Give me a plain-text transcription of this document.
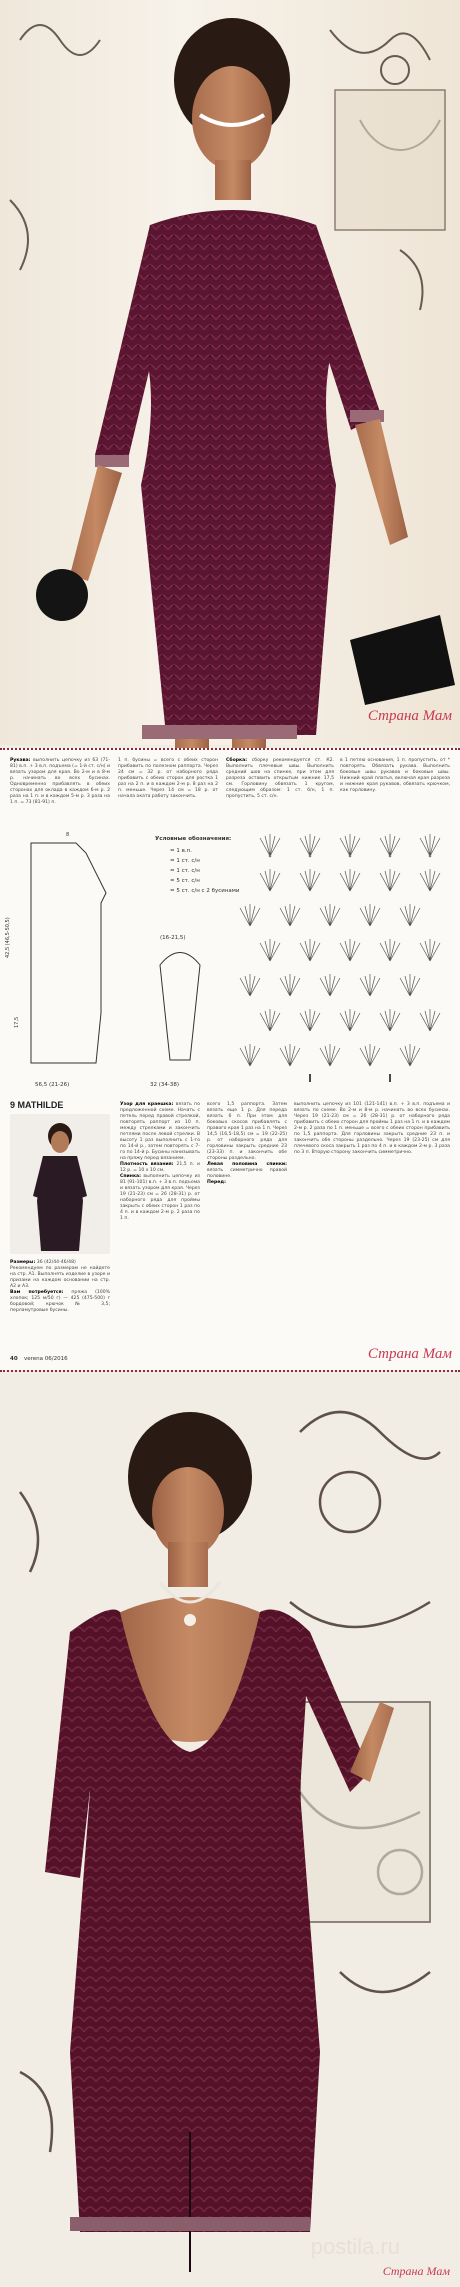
Страна Мам
Рукава: выполнить цепочку из 63 (71-81) в.п. + 3 в.п. подъема (= 1-й ст. с/н) и вязать узором для края. Во 2-м и в 8-м р. начинать во всех бусинах. Одновременно прибавлять в обеих сторонах для оклада в каждом 6-м р. 2 раза на 1 п. и в каждом 5-м р. 3 раза на 1 п. = 73 (81-91) п.
1 п. бусины = всего с обеих сторон прибавить по полезном раппорта. Через 24 см = 32 р. от наборного ряда прибавить с обеих сторон для ростка 1 раз на 2 п. и в каждом 2-м р. 8 раз на 2 п. меньше. Через 14 см = 18 р. от начала оката работу закончить.
Сборка: сборку рекомендуется ст. К2. Выполнить плечевые швы. Выполнить средний шов на спинке, при этом для разреза оставить открытым нижние 17,5 см. Горловину обвязать 1 кругом, следующим образом: 1 ст. б/н, 1 п. пропустить, 5 ст. с/н.
в 1 петлю основания, 1 п. пропустить, от * повторять. Обвязать рукава. Выполнить боковые швы рукавов и боковые швы. Нижний край платья, включая края разреза и нижние края рукавов, обвязать крючком, как горловину.
42,5 (46,5-50,5)
17,5
8
56,5 (21-26)
(16-21,5)
32 (34-38)
Условные обозначения:
= 1 в.п.
= 1 ст. с/н
= 1 ст. с/н
= 5 ст. с/н
= 5 ст. с/н с 2 бусинами
9 MATHILDE
Размеры: 36 (42/44-46/48)
Рекомендуем по размерам не найдете на стр. А1. Выполнять изделие в узоре и призами на каждом основании на стр. А2 и А3.
Вам потребуется: пряжа (100% хлопок; 125 м/50 г) — 425 (475-500) г бордовой; крючок № 3,5; перламутровые бусины.
Узор для краешка: вязать по предложенной схеме. Начать с петель перед правой стрелкой, повторять раппорт из 10 п. между стрелками и закончить петлями после левой стрелки. В высоту 1 раз выполнить с 1-го по 14-й р., затем повторять с 7-го по 14-й р. Бусины нанизывать на пряжу перед вязанием.
Плотность вязания: 21,5 п. и 12 р. = 10 х 10 см.
Спинка: выполнить цепочку из 81 (91-101) в.п. + 3 в.п. подъема и вязать узором для края. Через 19 (21-23) см = 26 (28-31) р. от наборного ряда для проймы закрыть с обеих сторон 1 раз по 4 п. и в каждом 2-м р. 2 раза по 1 п.
всего 1,5 раппорта. Затем вязать еще 1 р. Для переда вязать 6 п. При этом для боковых скосов прибавлять с правого края 1 раз на 1 п. Через 14,5 (16,5-18,5) см = 19 (22-25) р. от наборного ряда для горловины закрыть средние 23 (23-33) п. и закончить обе стороны раздельно.
Левая половина спинки: вязать симметрично правой половине.
Перед:
выполнить цепочку из 101 (121-141) в.п. + 3 в.п. подъема и вязать по схеме. Во 2-м и 8-м р. начинать во всех бусинах. Через 19 (21-23) см = 26 (28-31) р. от наборного ряда прибавить с обеих сторон для проймы 1 раз на 1 п. и в каждом 2-м р. 2 раза по 1 п. меньше = всего с обеих сторон прибавить по 1,5 раппорта. Для горловины закрыть средние 23 п. и закончить обе стороны раздельно. Через 19 (23-25) см для плечевого скоса закрыть 1 раз по 4 п. и в каждом 2-м р. 3 раза по 3 п. Вторую сторону закончить симметрично.
40 verena 06/2016	Страна Мам
Страна Мам
postila.ru
